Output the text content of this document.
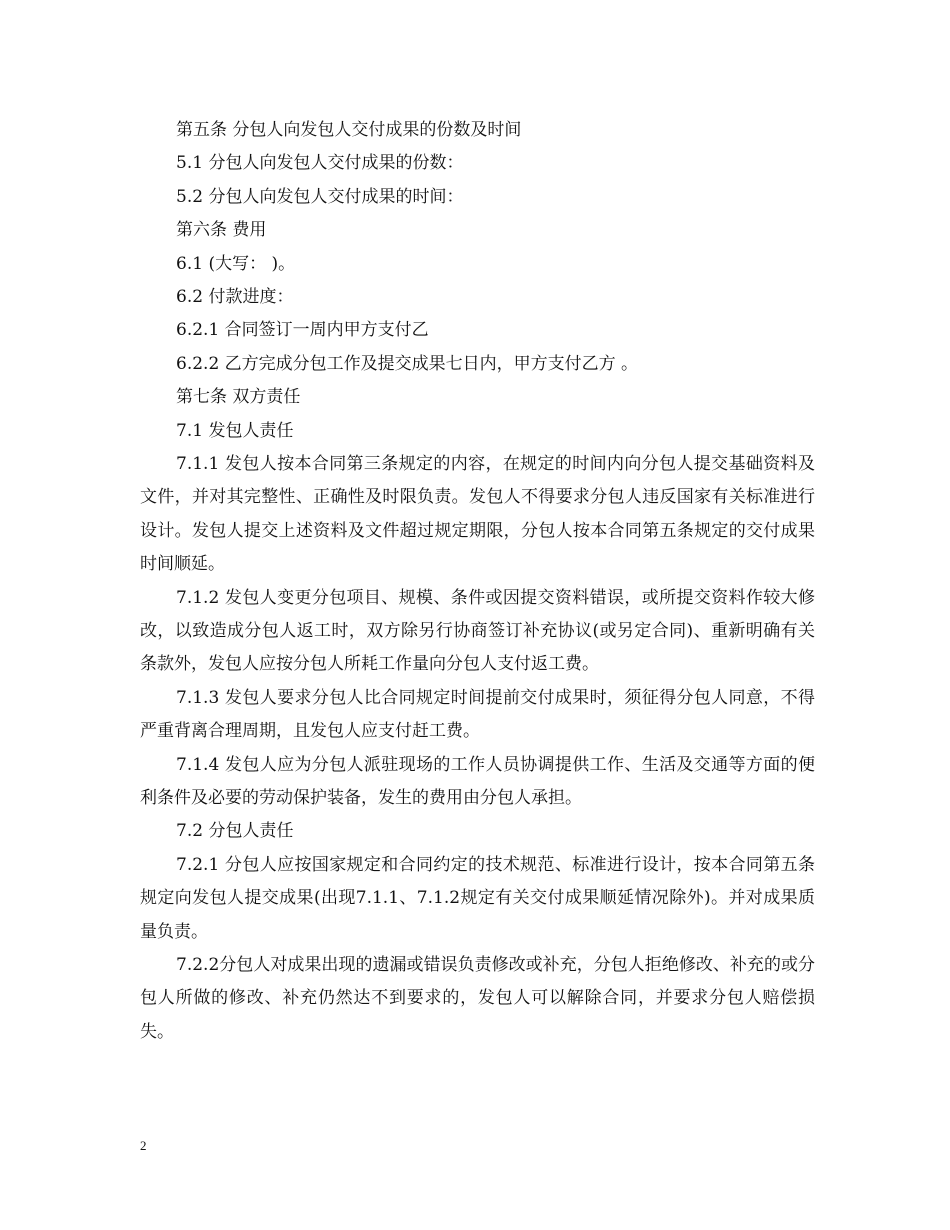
第五条 分包人向发包人交付成果的份数及时间
5.1 分包人向发包人交付成果的份数：
5.2 分包人向发包人交付成果的时间：
第六条 费用
6.1 (大写： )。
6.2 付款进度：
6.2.1 合同签订一周内甲方支付乙
6.2.2 乙方完成分包工作及提交成果七日内，甲方支付乙方 。
第七条 双方责任
7.1 发包人责任
7.1.1 发包人按本合同第三条规定的内容，在规定的时间内向分包人提交基础资料及文件，并对其完整性、正确性及时限负责。发包人不得要求分包人违反国家有关标准进行设计。发包人提交上述资料及文件超过规定期限，分包人按本合同第五条规定的交付成果时间顺延。
7.1.2 发包人变更分包项目、规模、条件或因提交资料错误，或所提交资料作较大修改，以致造成分包人返工时，双方除另行协商签订补充协议(或另定合同)、重新明确有关条款外，发包人应按分包人所耗工作量向分包人支付返工费。
7.1.3 发包人要求分包人比合同规定时间提前交付成果时，须征得分包人同意，不得严重背离合理周期，且发包人应支付赶工费。
7.1.4 发包人应为分包人派驻现场的工作人员协调提供工作、生活及交通等方面的便利条件及必要的劳动保护装备，发生的费用由分包人承担。
7.2 分包人责任
7.2.1 分包人应按国家规定和合同约定的技术规范、标准进行设计，按本合同第五条规定向发包人提交成果(出现7.1.1、7.1.2规定有关交付成果顺延情况除外)。并对成果质量负责。
7.2.2分包人对成果出现的遗漏或错误负责修改或补充，分包人拒绝修改、补充的或分包人所做的修改、补充仍然达不到要求的，发包人可以解除合同，并要求分包人赔偿损失。
2
